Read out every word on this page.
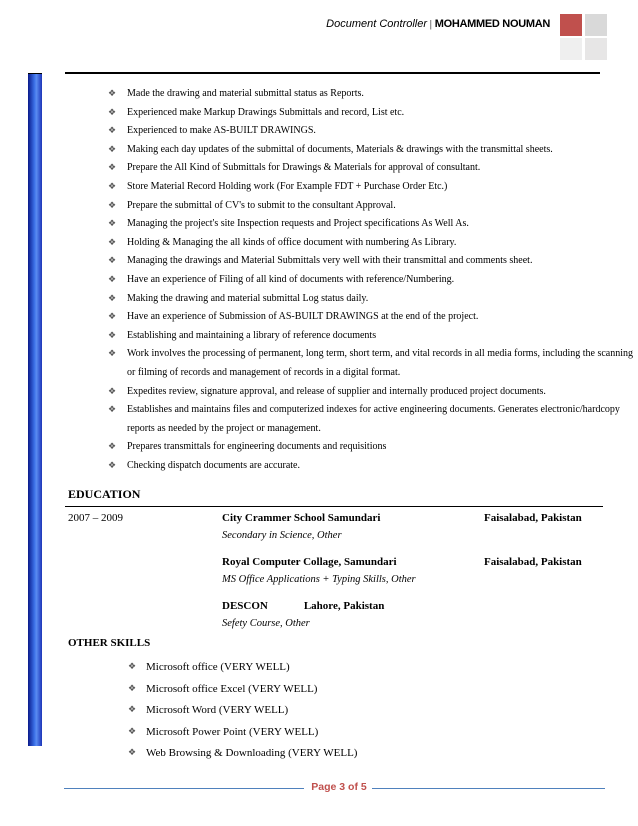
Document Controller | MOHAMMED NOUMAN
❖ Made the drawing and material submittal status as Reports.
❖ Experienced make Markup Drawings Submittals and record, List etc.
❖ Experienced to make AS-BUILT DRAWINGS.
❖ Making each day updates of the submittal of documents, Materials & drawings with the transmittal sheets.
❖ Prepare the All Kind of Submittals for Drawings & Materials for approval of consultant.
❖ Store Material Record Holding work (For Example FDT + Purchase Order Etc.)
❖ Prepare the submittal of CV's to submit to the consultant Approval.
❖ Managing the project's site Inspection requests and Project specifications As Well As.
❖ Holding & Managing the all kinds of office document with numbering As Library.
❖ Managing the drawings and Material Submittals very well with their transmittal and comments sheet.
❖ Have an experience of Filing of all kind of documents with reference/Numbering.
❖ Making the drawing and material submittal Log status daily.
❖ Have an experience of Submission of AS-BUILT DRAWINGS at the end of the project.
❖ Establishing and maintaining a library of reference documents
❖ Work involves the processing of permanent, long term, short term, and vital records in all media forms, including the scanning or filming of records and management of records in a digital format.
❖ Expedites review, signature approval, and release of supplier and internally produced project documents.
❖ Establishes and maintains files and computerized indexes for active engineering documents. Generates electronic/hardcopy reports as needed by the project or management.
❖ Prepares transmittals for engineering documents and requisitions
❖ Checking dispatch documents are accurate.
EDUCATION
2007 – 2009	City Crammer School Samundari
Secondary in Science, Other
Faisalabad, Pakistan
Royal Computer Collage, Samundari
MS Office Applications + Typing Skills, Other
Faisalabad, Pakistan
DESCON	Lahore, Pakistan
Sefety Course, Other
OTHER SKILLS
❖ Microsoft office (VERY WELL)
❖ Microsoft office Excel (VERY WELL)
❖ Microsoft Word (VERY WELL)
❖ Microsoft Power Point (VERY WELL)
❖ Web Browsing & Downloading (VERY WELL)
Page 3 of 5
